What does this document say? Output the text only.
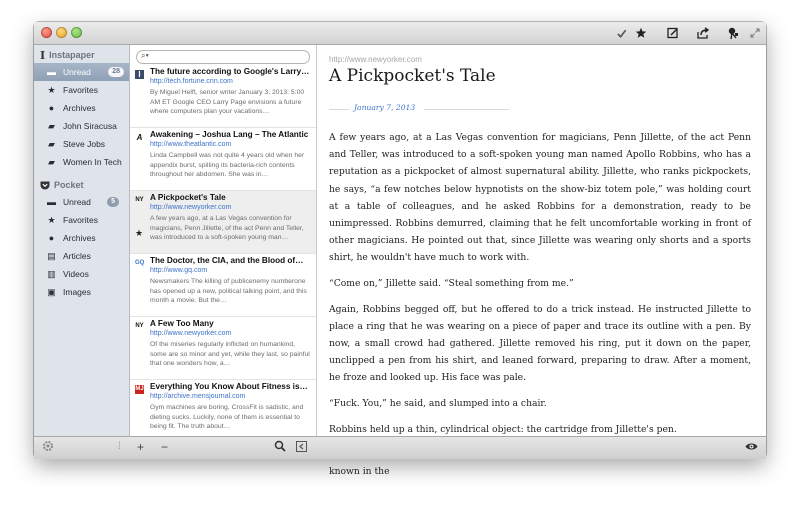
I Instapaper
▬ Unread	28
★ Favorites
●	Archives
▰ John Siracusa
▰ Steve Jobs
▰ Women In Tech
Pocket
▬ Unread	5
★ Favorites
●	Archives
▤ Articles
▥ Videos
▣ Images
⌕▾
I	The future according to Google's Larry…
http://tech.fortune.cnn.com
By Miguel Helft, senior writer January 3, 2013: 5:00 AM ET Google CEO Larry Page envisions a future where computers plan your vacations…
A Awakening – Joshua Lang – The Atlantic
http://www.theatlantic.com
Linda Campbell was not quite 4 years old when her appendix burst, spilling its bacteria-rich contents throughout her abdomen. She was in…
NY
★
A Pickpocket's Tale
http://www.newyorker.com
A few years ago, at a Las Vegas convention for magicians, Penn Jillette, of the act Penn and Teller, was introduced to a soft-spoken young man…
GQ The Doctor, the CIA, and the Blood of…
http://www.gq.com
Newsmakers The killing of publicenemy numberone has opened up a new, political talking point, and this month a movie. But the…
NY A Few Too Many
http://www.newyorker.com
Of the miseries regularly inflicted on humankind, some are so minor and yet, while they last, so painful that one wonders how, a…
MJ Everything You Know About Fitness is…
http://archive.mensjournal.com
Gym machines are boring, CrossFit is sadistic, and dieting sucks. Luckily, none of them is essential to being fit. The truth about…
http://www.newyorker.com
A Pickpocket's Tale
January 7, 2013

A few years ago, at a Las Vegas convention for magicians, Penn Jillette, of the act Penn and Teller, was introduced to a soft-spoken young man named Apollo Robbins, who has a reputation as a pickpocket of almost supernatural ability. Jillette, who ranks pickpockets, he says, “a few notches below hypnotists on the show-biz totem pole,” was holding court at a table of colleagues, and he asked Robbins for a demonstration, ready to be unimpressed. Robbins demurred, claiming that he felt uncomfortable working in front of other magicians. He pointed out that, since Jillette was wearing only shorts and a sports shirt, he wouldn't have much to work with.

“Come on,” Jillette said. “Steal something from me.”

Again, Robbins begged off, but he offered to do a trick instead. He instructed Jillette to place a ring that he was wearing on a piece of paper and trace its outline with a pen. By now, a small crowd had gathered. Jillette removed his ring, put it down on the paper, unclipped a pen from his shirt, and leaned forward, preparing to draw. After a moment, he froze and looked up. His face was pale.

“Fuck. You,” he said, and slumped into a chair.

Robbins held up a thin, cylindrical object: the cartridge from Jillette's pen.

known in the

⁞ + −
